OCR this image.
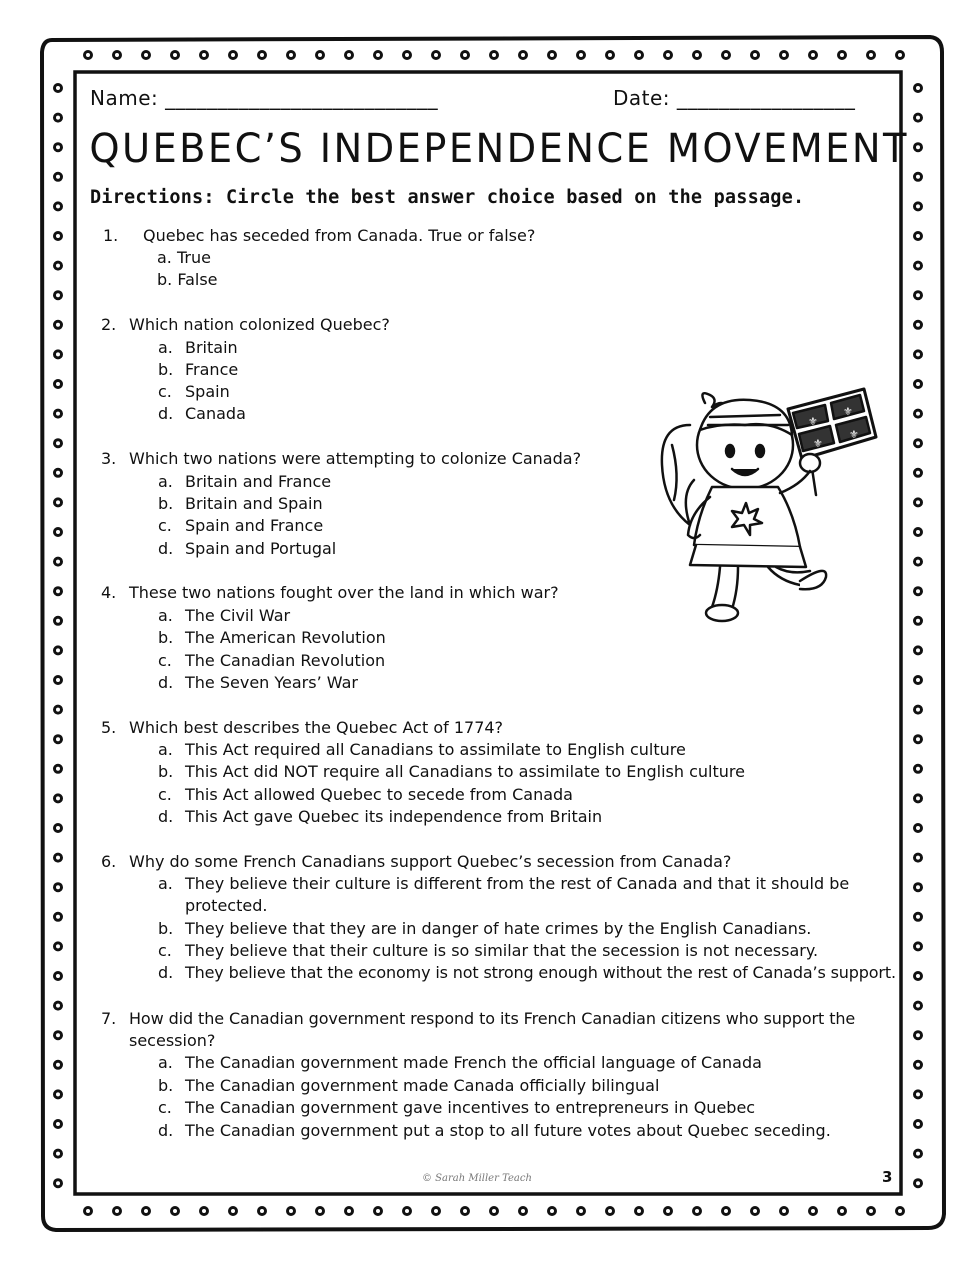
Name: __________________________	Date: _________________
QUEBEC’S INDEPENDENCE MOVEMENT
Directions: Circle the best answer choice based on the passage.
1. Quebec has seceded from Canada. True or false?
a. True
b. False
2. Which nation colonized Quebec?
a. Britain
b. France
c. Spain
d. Canada
3. Which two nations were attempting to colonize Canada?
a. Britain and France
b. Britain and Spain
c. Spain and France
d. Spain and Portugal
4. These two nations fought over the land in which war?
a. The Civil War
b. The American Revolution
c. The Canadian Revolution
d. The Seven Years’ War
5. Which best describes the Quebec Act of 1774?
a. This Act required all Canadians to assimilate to English culture
b. This Act did NOT require all Canadians to assimilate to English culture
c. This Act allowed Quebec to secede from Canada
d. This Act gave Quebec its independence from Britain
6. Why do some French Canadians support Quebec’s secession from Canada?
a. They believe their culture is different from the rest of Canada and that it should be
protected.
b. They believe that they are in danger of hate crimes by the English Canadians.
c. They believe that their culture is so similar that the secession is not necessary.
d. They believe that the economy is not strong enough without the rest of Canada’s support.
7. How did the Canadian government respond to its French Canadian citizens who support the
secession?
a. The Canadian government made French the official language of Canada
b. The Canadian government made Canada officially bilingual
c. The Canadian government gave incentives to entrepreneurs in Quebec
d. The Canadian government put a stop to all future votes about Quebec seceding.
⚜
⚜
⚜
⚜
© Sarah Miller Teach	3
